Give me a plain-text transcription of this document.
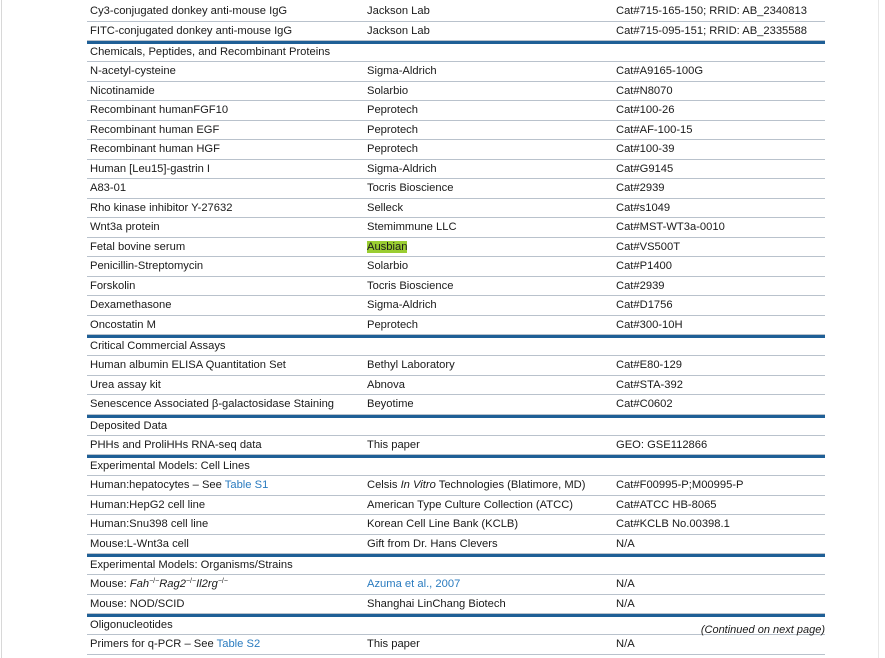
Cy3-conjugated donkey anti-mouse IgG	Jackson Lab	Cat#715-165-150; RRID: AB_2340813
FITC-conjugated donkey anti-mouse IgG	Jackson Lab	Cat#715-095-151; RRID: AB_2335588
Chemicals, Peptides, and Recombinant Proteins
N-acetyl-cysteine	Sigma-Aldrich	Cat#A9165-100G
Nicotinamide	Solarbio	Cat#N8070
Recombinant humanFGF10	Peprotech	Cat#100-26
Recombinant human EGF	Peprotech	Cat#AF-100-15
Recombinant human HGF	Peprotech	Cat#100-39
Human [Leu15]-gastrin I	Sigma-Aldrich	Cat#G9145
A83-01	Tocris Bioscience	Cat#2939
Rho kinase inhibitor Y-27632	Selleck	Cat#s1049
Wnt3a protein	Stemimmune LLC	Cat#MST-WT3a-0010
Fetal bovine serum	Ausbian	Cat#VS500T
Penicillin-Streptomycin	Solarbio	Cat#P1400
Forskolin	Tocris Bioscience	Cat#2939
Dexamethasone	Sigma-Aldrich	Cat#D1756
Oncostatin M	Peprotech	Cat#300-10H
Critical Commercial Assays
Human albumin ELISA Quantitation Set	Bethyl Laboratory	Cat#E80-129
Urea assay kit	Abnova	Cat#STA-392
Senescence Associated β-galactosidase Staining	Beyotime	Cat#C0602
Deposited Data
PHHs and ProliHHs RNA-seq data	This paper	GEO: GSE112866
Experimental Models: Cell Lines
Human:hepatocytes – See Table S1	Celsis In Vitro Technologies (Blatimore, MD)	Cat#F00995-P;M00995-P
Human:HepG2 cell line	American Type Culture Collection (ATCC)	Cat#ATCC HB-8065
Human:Snu398 cell line	Korean Cell Line Bank (KCLB)	Cat#KCLB No.00398.1
Mouse:L-Wnt3a cell	Gift from Dr. Hans Clevers	N/A
Experimental Models: Organisms/Strains
Mouse: Fah−/−Rag2−/−Il2rg−/−	Azuma et al., 2007	N/A
Mouse: NOD/SCID	Shanghai LinChang Biotech	N/A
Oligonucleotides
Primers for q-PCR – See Table S2	This paper	N/A
(Continued on next page)
